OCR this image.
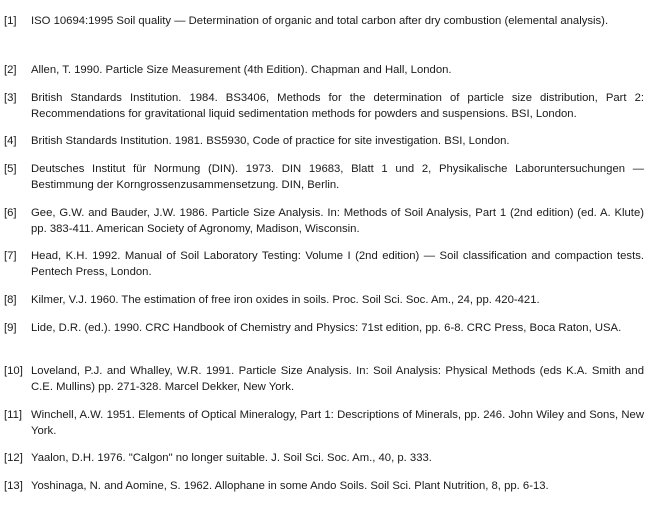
[1]	ISO 10694:1995 Soil quality — Determination of organic and total carbon after dry combustion (elemental analysis).
[2]	Allen, T. 1990. Particle Size Measurement (4th Edition). Chapman and Hall, London.
[3]	British Standards Institution. 1984. BS3406, Methods for the determination of particle size distribution, Part 2: Recommendations for gravitational liquid sedimentation methods for powders and suspensions. BSI, London.
[4]	British Standards Institution. 1981. BS5930, Code of practice for site investigation. BSI, London.
[5]	Deutsches Institut für Normung (DIN). 1973. DIN 19683, Blatt 1 und 2, Physikalische Laboruntersuchungen — Bestimmung der Korngrossenzusammensetzung. DIN, Berlin.
[6]	Gee, G.W. and Bauder, J.W. 1986. Particle Size Analysis. In: Methods of Soil Analysis, Part 1 (2nd edition) (ed. A. Klute) pp. 383-411. American Society of Agronomy, Madison, Wisconsin.
[7]	Head, K.H. 1992. Manual of Soil Laboratory Testing: Volume I (2nd edition) — Soil classification and compaction tests. Pentech Press, London.
[8]	Kilmer, V.J. 1960. The estimation of free iron oxides in soils. Proc. Soil Sci. Soc. Am., 24, pp. 420-421.
[9]	Lide, D.R. (ed.). 1990. CRC Handbook of Chemistry and Physics: 71st edition, pp. 6-8. CRC Press, Boca Raton, USA.
[10] Loveland, P.J. and Whalley, W.R. 1991. Particle Size Analysis. In: Soil Analysis: Physical Methods (eds K.A. Smith and C.E. Mullins) pp. 271-328. Marcel Dekker, New York.
[11] Winchell, A.W. 1951. Elements of Optical Mineralogy, Part 1: Descriptions of Minerals, pp. 246. John Wiley and Sons, New York.
[12] Yaalon, D.H. 1976. "Calgon" no longer suitable. J. Soil Sci. Soc. Am., 40, p. 333.
[13] Yoshinaga, N. and Aomine, S. 1962. Allophane in some Ando Soils. Soil Sci. Plant Nutrition, 8, pp. 6-13.
